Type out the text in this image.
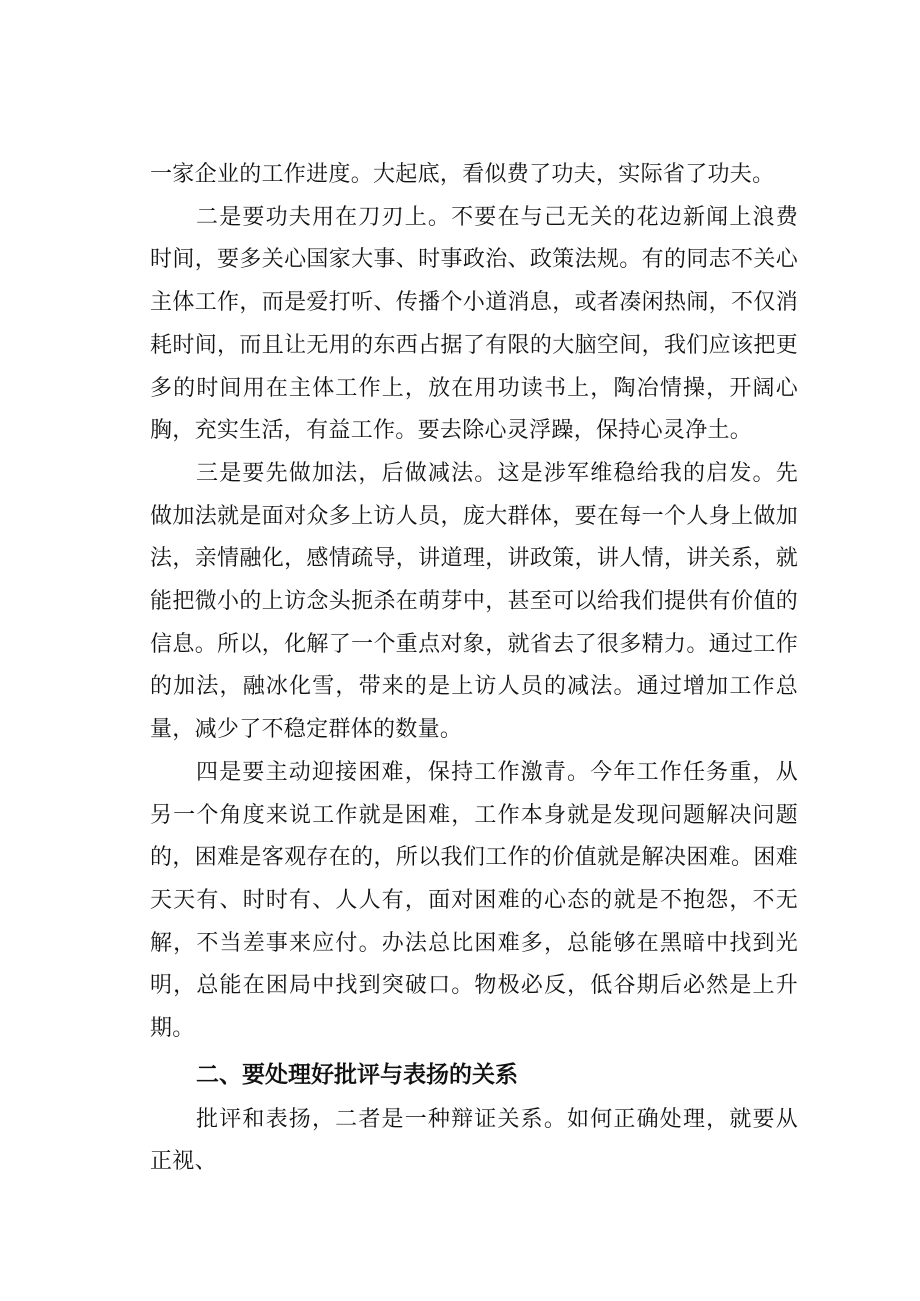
一家企业的工作进度。大起底，看似费了功夫，实际省了功夫。

二是要功夫用在刀刃上。不要在与己无关的花边新闻上浪费时间，要多关心国家大事、时事政治、政策法规。有的同志不关心主体工作，而是爱打听、传播个小道消息，或者凑闲热闹，不仅消耗时间，而且让无用的东西占据了有限的大脑空间，我们应该把更多的时间用在主体工作上，放在用功读书上，陶冶情操，开阔心胸，充实生活，有益工作。要去除心灵浮躁，保持心灵净土。

三是要先做加法，后做减法。这是涉军维稳给我的启发。先做加法就是面对众多上访人员，庞大群体，要在每一个人身上做加法，亲情融化，感情疏导，讲道理，讲政策，讲人情，讲关系，就能把微小的上访念头扼杀在萌芽中，甚至可以给我们提供有价值的信息。所以，化解了一个重点对象，就省去了很多精力。通过工作的加法，融冰化雪，带来的是上访人员的减法。通过增加工作总量，减少了不稳定群体的数量。

四是要主动迎接困难，保持工作激青。今年工作任务重，从另一个角度来说工作就是困难，工作本身就是发现问题解决问题的，困难是客观存在的，所以我们工作的价值就是解决困难。困难天天有、时时有、人人有，面对困难的心态的就是不抱怨，不无解，不当差事来应付。办法总比困难多，总能够在黑暗中找到光明，总能在困局中找到突破口。物极必反，低谷期后必然是上升期。

二、要处理好批评与表扬的关系

批评和表扬，二者是一种辩证关系。如何正确处理，就要从正视、
